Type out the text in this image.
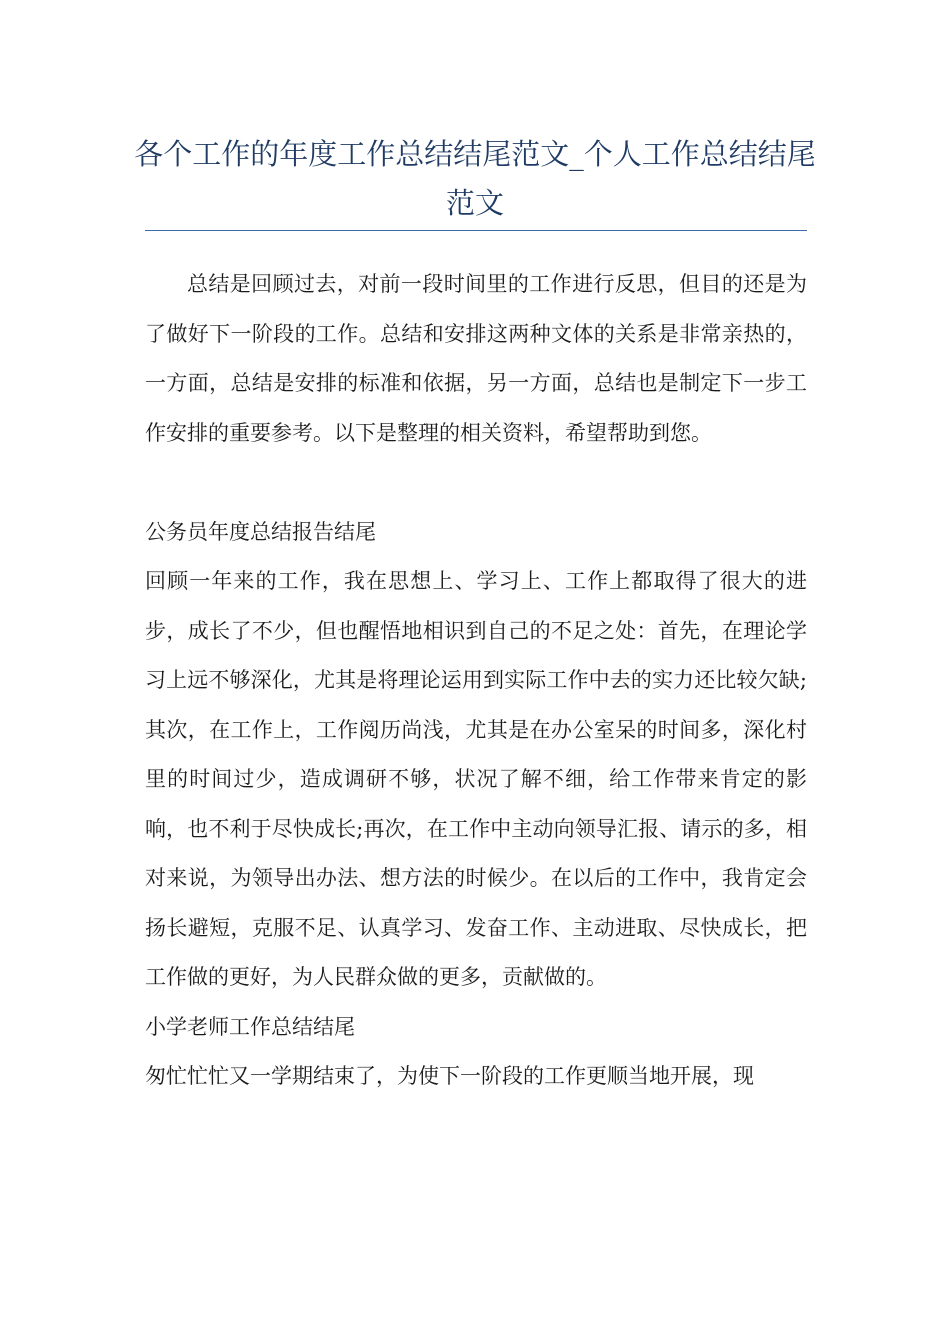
各个工作的年度工作总结结尾范文_个人工作总结结尾范文

总结是回顾过去，对前一段时间里的工作进行反思，但目的还是为了做好下一阶段的工作。总结和安排这两种文体的关系是非常亲热的，一方面，总结是安排的标准和依据，另一方面，总结也是制定下一步工作安排的重要参考。以下是整理的相关资料，希望帮助到您。

公务员年度总结报告结尾

回顾一年来的工作，我在思想上、学习上、工作上都取得了很大的进步，成长了不少，但也醒悟地相识到自己的不足之处：首先，在理论学习上远不够深化，尤其是将理论运用到实际工作中去的实力还比较欠缺;其次，在工作上，工作阅历尚浅，尤其是在办公室呆的时间多，深化村里的时间过少，造成调研不够，状况了解不细，给工作带来肯定的影响，也不利于尽快成长;再次，在工作中主动向领导汇报、请示的多，相对来说，为领导出办法、想方法的时候少。在以后的工作中，我肯定会扬长避短，克服不足、认真学习、发奋工作、主动进取、尽快成长，把工作做的更好，为人民群众做的更多，贡献做的。

小学老师工作总结结尾

匆忙忙忙又一学期结束了，为使下一阶段的工作更顺当地开展，现
